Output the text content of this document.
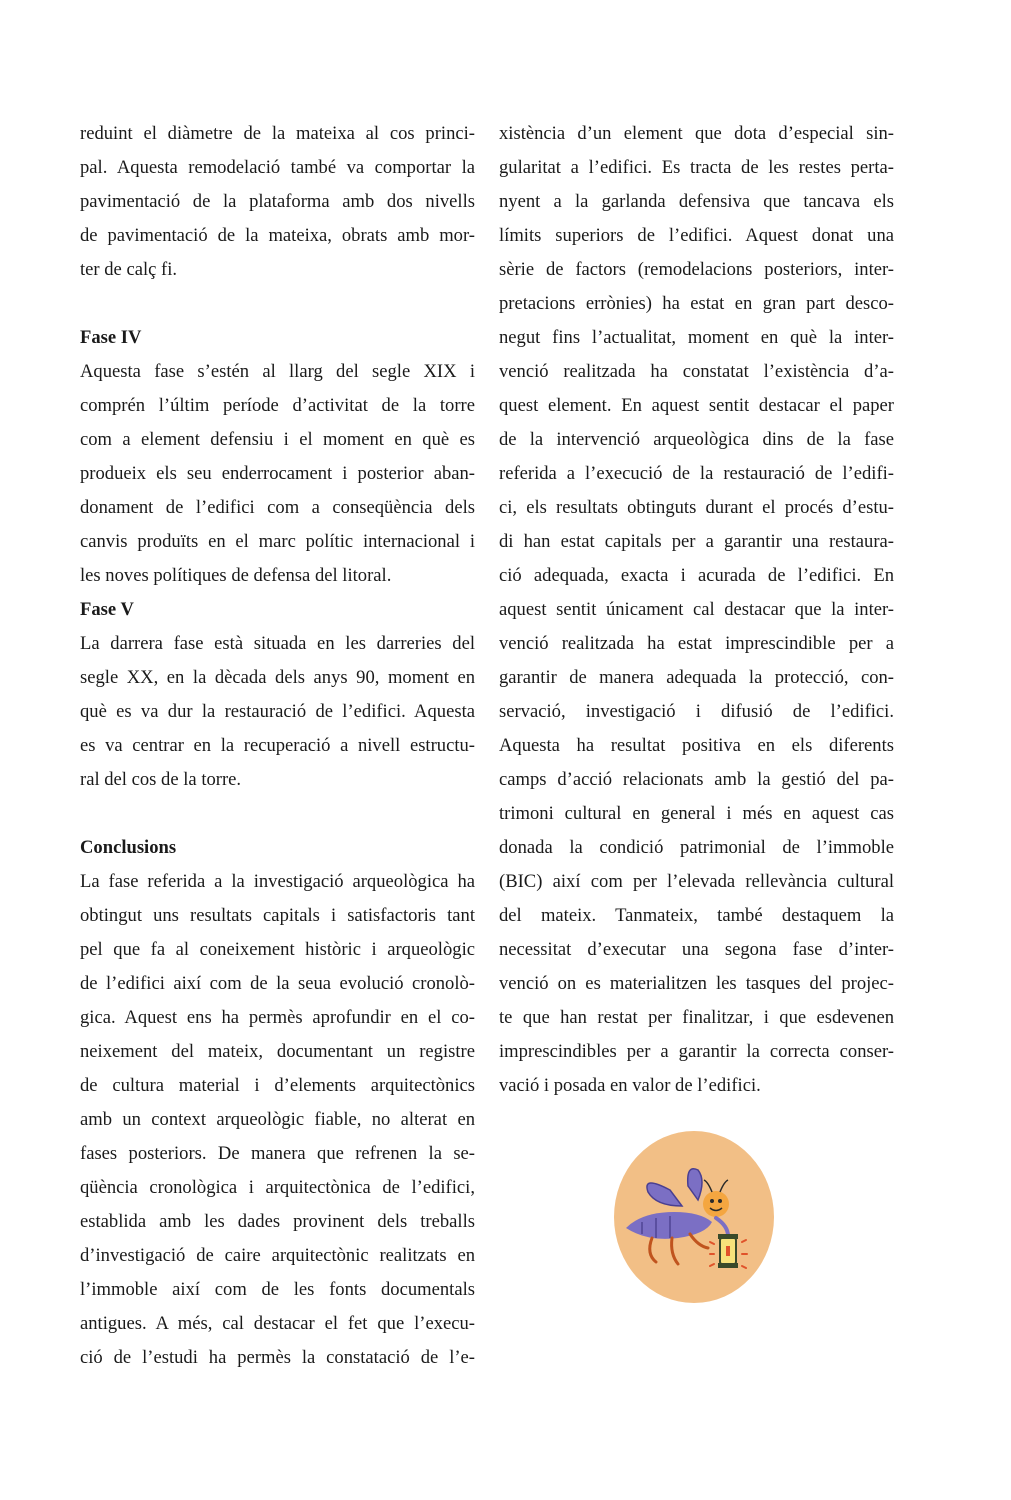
reduint el diàmetre de la mateixa al cos princi-
pal. Aquesta remodelació també va comportar la
pavimentació de la plataforma amb dos nivells
de pavimentació de la mateixa, obrats amb mor-
ter de calç fi.

Fase IV

Aquesta fase s’estén al llarg del segle XIX i
comprén l’últim període d’activitat de la torre
com a element defensiu i el moment en què es
produeix els seu enderrocament i posterior aban-
donament de l’edifici com a conseqüència dels
canvis produïts en el marc polític internacional i
les noves polítiques de defensa del litoral.

Fase V

La darrera fase està situada en les darreries del
segle XX, en la dècada dels anys 90, moment en
què es va dur la restauració de l’edifici. Aquesta
es va centrar en la recuperació a nivell estructu-
ral del cos de la torre.

Conclusions

La fase referida a la investigació arqueològica ha
obtingut uns resultats capitals i satisfactoris tant
pel que fa al coneixement històric i arqueològic
de l’edifici així com de la seua evolució cronolò-
gica. Aquest ens ha permès aprofundir en el co-
neixement del mateix, documentant un registre
de cultura material i d’elements arquitectònics
amb un context arqueològic fiable, no alterat en
fases posteriors. De manera que refrenen la se-
qüència cronològica i arquitectònica de l’edifici,
establida amb les dades provinent dels treballs
d’investigació de caire arquitectònic realitzats en
l’immoble així com de les fonts documentals
antigues. A més, cal destacar el fet que l’execu-
ció de l’estudi ha permès la constatació de l’e-

xistència d’un element que dota d’especial sin-
gularitat a l’edifici. Es tracta de les restes perta-
nyent a la garlanda defensiva que tancava els
límits superiors de l’edifici. Aquest donat una
sèrie de factors (remodelacions posteriors, inter-
pretacions errònies) ha estat en gran part desco-
negut fins l’actualitat, moment en què la inter-
venció realitzada ha constatat l’existència d’a-
quest element. En aquest sentit destacar el paper
de la intervenció arqueològica dins de la fase
referida a l’execució de la restauració de l’edifi-
ci, els resultats obtinguts durant el procés d’estu-
di han estat capitals per a garantir una restaura-
ció adequada, exacta i acurada de l’edifici. En
aquest sentit únicament cal destacar que la inter-
venció realitzada ha estat imprescindible per a
garantir de manera adequada la protecció, con-
servació, investigació i difusió de l’edifici.
Aquesta ha resultat positiva en els diferents
camps d’acció relacionats amb la gestió del pa-
trimoni cultural en general i més en aquest cas
donada la condició patrimonial de l’immoble
(BIC) així com per l’elevada rellevància cultural
del mateix. Tanmateix, també destaquem la
necessitat d’executar una segona fase d’inter-
venció on es materialitzen les tasques del projec-
te que han restat per finalitzar, i que esdevenen
imprescindibles per a garantir la correcta conser-
vació i posada en valor de l’edifici.
